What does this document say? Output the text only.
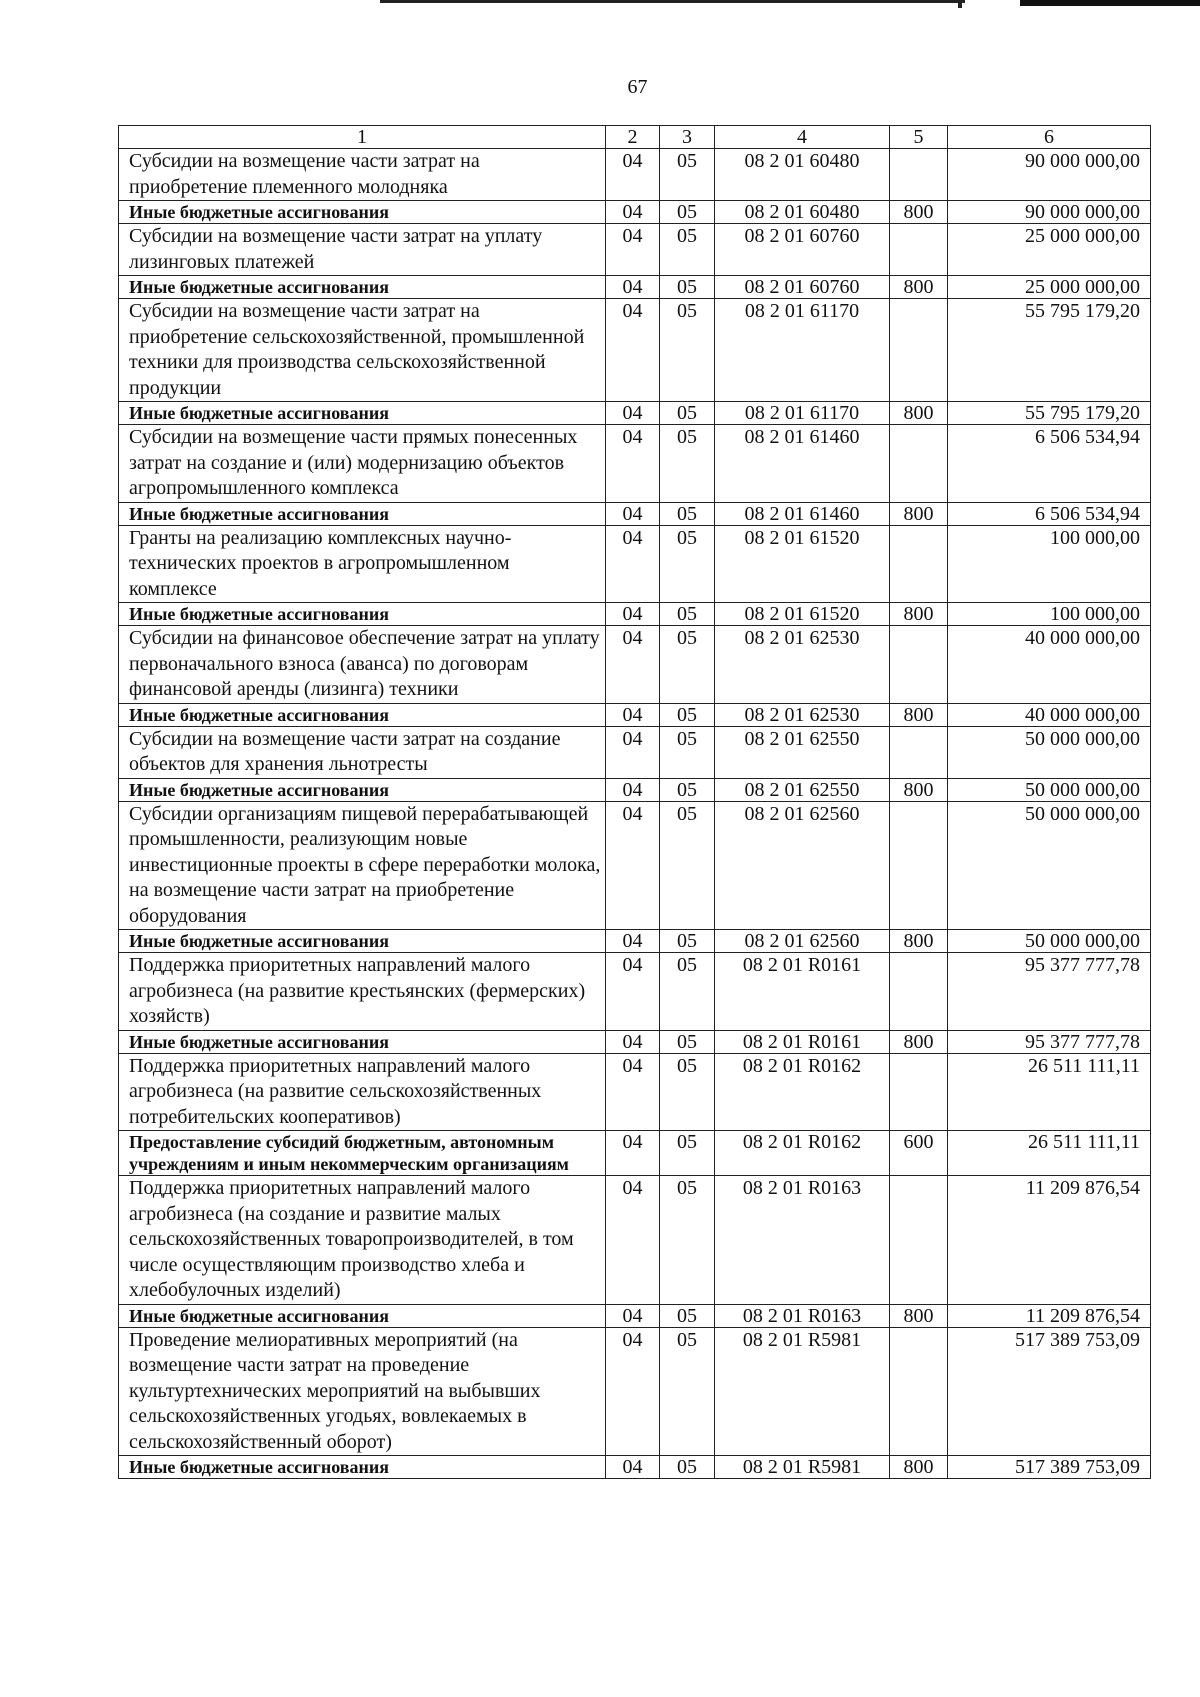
67
1	2	3	4	5	6
Субсидии на возмещение части затрат на приобретение племенного молодняка	04	05	08 2 01 60480		90 000 000,00
Иные бюджетные ассигнования	04	05	08 2 01 60480	800	90 000 000,00
Субсидии на возмещение части затрат на уплату лизинговых платежей	04	05	08 2 01 60760		25 000 000,00
Иные бюджетные ассигнования	04	05	08 2 01 60760	800	25 000 000,00
Субсидии на возмещение части затрат на приобретение сельскохозяйственной, промышленной техники для производства сельскохозяйственной продукции	04	05	08 2 01 61170		55 795 179,20
Иные бюджетные ассигнования	04	05	08 2 01 61170	800	55 795 179,20
Субсидии на возмещение части прямых понесенных затрат на создание и (или) модернизацию объектов агропромышленного комплекса	04	05	08 2 01 61460		6 506 534,94
Иные бюджетные ассигнования	04	05	08 2 01 61460	800	6 506 534,94
Гранты на реализацию комплексных научно-технических проектов в агропромышленном комплексе	04	05	08 2 01 61520		100 000,00
Иные бюджетные ассигнования	04	05	08 2 01 61520	800	100 000,00
Субсидии на финансовое обеспечение затрат на уплату первоначального взноса (аванса) по договорам финансовой аренды (лизинга) техники	04	05	08 2 01 62530		40 000 000,00
Иные бюджетные ассигнования	04	05	08 2 01 62530	800	40 000 000,00
Субсидии на возмещение части затрат на создание объектов для хранения льнотресты	04	05	08 2 01 62550		50 000 000,00
Иные бюджетные ассигнования	04	05	08 2 01 62550	800	50 000 000,00
Субсидии организациям пищевой перерабатывающей промышленности, реализующим новые инвестиционные проекты в сфере переработки молока, на возмещение части затрат на приобретение оборудования	04	05	08 2 01 62560		50 000 000,00
Иные бюджетные ассигнования	04	05	08 2 01 62560	800	50 000 000,00
Поддержка приоритетных направлений малого агробизнеса (на развитие крестьянских (фермерских) хозяйств)	04	05	08 2 01 R0161		95 377 777,78
Иные бюджетные ассигнования	04	05	08 2 01 R0161	800	95 377 777,78
Поддержка приоритетных направлений малого агробизнеса (на развитие сельскохозяйственных потребительских кооперативов)	04	05	08 2 01 R0162		26 511 111,11
Предоставление субсидий бюджетным, автономным учреждениям и иным некоммерческим организациям	04	05	08 2 01 R0162	600	26 511 111,11
Поддержка приоритетных направлений малого агробизнеса (на создание и развитие малых сельскохозяйственных товаропроизводителей, в том числе осуществляющим производство хлеба и хлебобулочных изделий)	04	05	08 2 01 R0163		11 209 876,54
Иные бюджетные ассигнования	04	05	08 2 01 R0163	800	11 209 876,54
Проведение мелиоративных мероприятий (на возмещение части затрат на проведение культуртехнических мероприятий на выбывших сельскохозяйственных угодьях, вовлекаемых в сельскохозяйственный оборот)	04	05	08 2 01 R5981		517 389 753,09
Иные бюджетные ассигнования	04	05	08 2 01 R5981	800	517 389 753,09
